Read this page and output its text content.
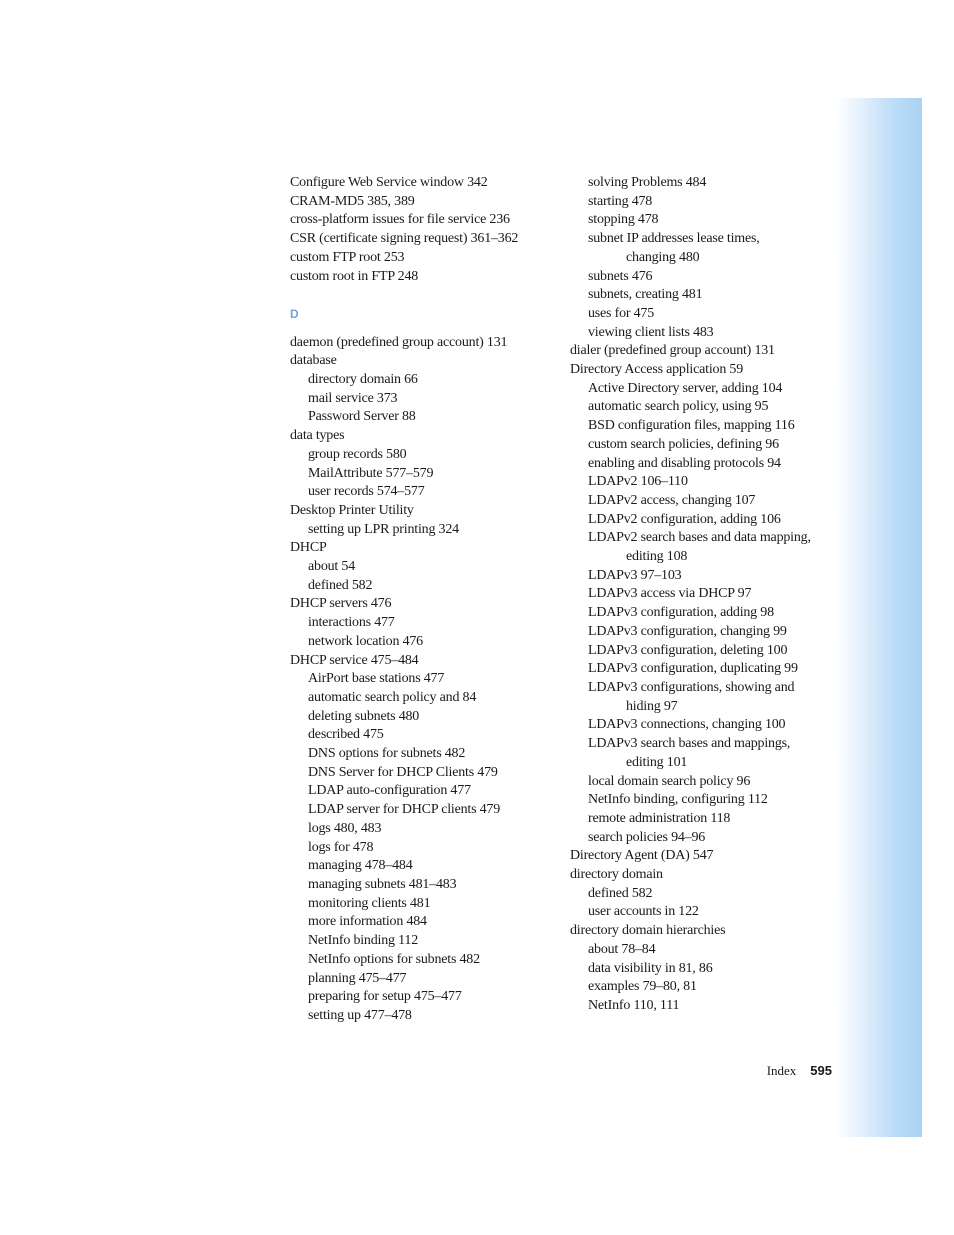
Configure Web Service window 342
CRAM-MD5 385, 389
cross-platform issues for file service 236
CSR (certificate signing request) 361–362
custom FTP root 253
custom root in FTP 248
D
daemon (predefined group account) 131
database
directory domain 66
mail service 373
Password Server 88
data types
group records 580
MailAttribute 577–579
user records 574–577
Desktop Printer Utility
setting up LPR printing 324
DHCP
about 54
defined 582
DHCP servers 476
interactions 477
network location 476
DHCP service 475–484
AirPort base stations 477
automatic search policy and 84
deleting subnets 480
described 475
DNS options for subnets 482
DNS Server for DHCP Clients 479
LDAP auto-configuration 477
LDAP server for DHCP clients 479
logs 480, 483
logs for 478
managing 478–484
managing subnets 481–483
monitoring clients 481
more information 484
NetInfo binding 112
NetInfo options for subnets 482
planning 475–477
preparing for setup 475–477
setting up 477–478
solving Problems 484
starting 478
stopping 478
subnet IP addresses lease times,
changing 480
subnets 476
subnets, creating 481
uses for 475
viewing client lists 483
dialer (predefined group account) 131
Directory Access application 59
Active Directory server, adding 104
automatic search policy, using 95
BSD configuration files, mapping 116
custom search policies, defining 96
enabling and disabling protocols 94
LDAPv2 106–110
LDAPv2 access, changing 107
LDAPv2 configuration, adding 106
LDAPv2 search bases and data mapping,
editing 108
LDAPv3 97–103
LDAPv3 access via DHCP 97
LDAPv3 configuration, adding 98
LDAPv3 configuration, changing 99
LDAPv3 configuration, deleting 100
LDAPv3 configuration, duplicating 99
LDAPv3 configurations, showing and
hiding 97
LDAPv3 connections, changing 100
LDAPv3 search bases and mappings,
editing 101
local domain search policy 96
NetInfo binding, configuring 112
remote administration 118
search policies 94–96
Directory Agent (DA) 547
directory domain
defined 582
user accounts in 122
directory domain hierarchies
about 78–84
data visibility in 81, 86
examples 79–80, 81
NetInfo 110, 111
Index 595
